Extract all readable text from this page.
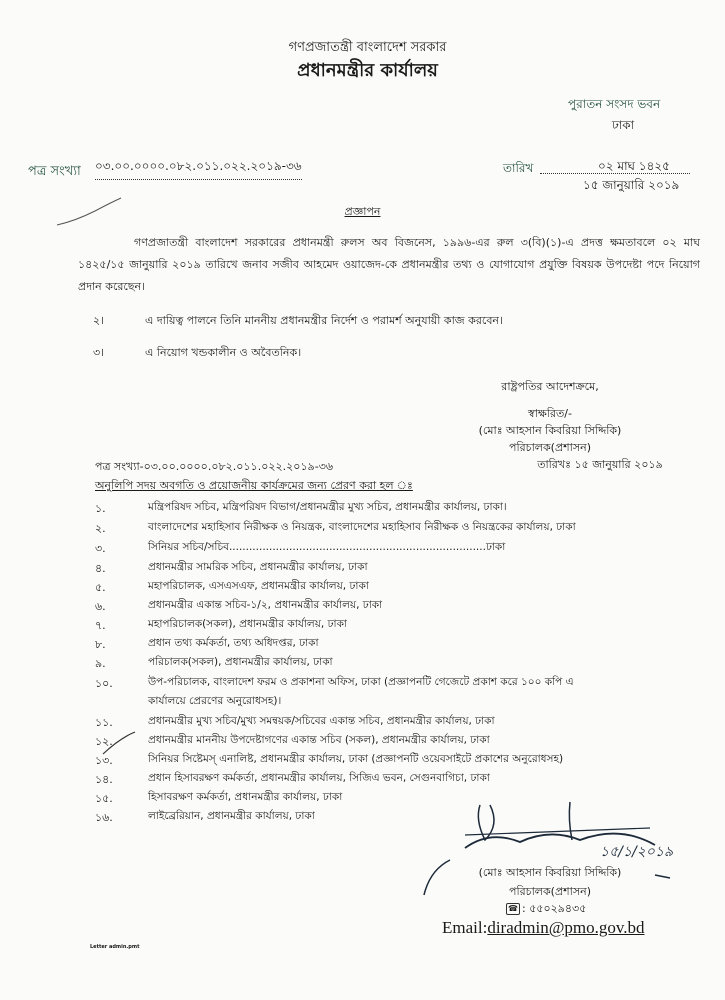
গণপ্রজাতন্ত্রী বাংলাদেশ সরকার
প্রধানমন্ত্রীর কার্যালয়
পুরাতন সংসদ ভবন
ঢাকা
পত্র সংখ্যা ০৩.০০.০০০০.০৮২.০১১.০২২.২০১৯-৩৬	তারিখ	০২ মাঘ ১৪২৫
১৫ জানুয়ারি ২০১৯
প্রজ্ঞাপন
গণপ্রজাতন্ত্রী বাংলাদেশ সরকারের প্রধানমন্ত্রী রুলস অব বিজনেস, ১৯৯৬-এর রুল ৩(বি)(১)-এ প্রদত্ত ক্ষমতাবলে ০২ মাঘ ১৪২৫/১৫ জানুয়ারি ২০১৯ তারিখে জনাব সজীব আহমেদ ওয়াজেদ-কে প্রধানমন্ত্রীর তথ্য ও যোগাযোগ প্রযুক্তি বিষয়ক উপদেষ্টা পদে নিয়োগ প্রদান করেছেন।
২।	এ দায়িত্ব পালনে তিনি মাননীয় প্রধানমন্ত্রীর নির্দেশ ও পরামর্শ অনুযায়ী কাজ করবেন।
৩।	এ নিয়োগ খন্ডকালীন ও অবৈতনিক।
রাষ্ট্রপতির আদেশক্রমে,
স্বাক্ষরিত/-
(মোঃ আহসান কিবরিয়া সিদ্দিকি)
পরিচালক(প্রশাসন)
তারিখঃ ১৫ জানুয়ারি ২০১৯
পত্র সংখ্যা-০৩.০০.০০০০.০৮২.০১১.০২২.২০১৯-৩৬
অনুলিপি সদয় অবগতি ও প্রয়োজনীয় কার্যক্রমের জন্য প্রেরণ করা হল ঃ
১.	মন্ত্রিপরিষদ সচিব, মন্ত্রিপরিষদ বিভাগ/প্রধানমন্ত্রীর মুখ্য সচিব, প্রধানমন্ত্রীর কার্যালয়, ঢাকা।
২.	বাংলাদেশের মহাহিসাব নিরীক্ষক ও নিয়ন্ত্রক, বাংলাদেশের মহাহিসাব নিরীক্ষক ও নিয়ন্ত্রকের কার্যালয়, ঢাকা
৩.	সিনিয়র সচিব/সচিব.............................................................................ঢাকা
৪.	প্রধানমন্ত্রীর সামরিক সচিব, প্রধানমন্ত্রীর কার্যালয়, ঢাকা
৫.	মহাপরিচালক, এসএসএফ, প্রধানমন্ত্রীর কার্যালয়, ঢাকা
৬.	প্রধানমন্ত্রীর একান্ত সচিব-১/২, প্রধানমন্ত্রীর কার্যালয়, ঢাকা
৭.	মহাপরিচালক(সকল), প্রধানমন্ত্রীর কার্যালয়, ঢাকা
৮.	প্রধান তথ্য কর্মকর্তা, তথ্য অধিদপ্তর, ঢাকা
৯.	পরিচালক(সকল), প্রধানমন্ত্রীর কার্যালয়, ঢাকা
১০.	উপ-পরিচালক, বাংলাদেশ ফরম ও প্রকাশনা অফিস, ঢাকা (প্রজ্ঞাপনটি গেজেটে প্রকাশ করে ১০০ কপি এ
কার্যালয়ে প্রেরণের অনুরোধসহ)।
১১.	প্রধানমন্ত্রীর মুখ্য সচিব/মুখ্য সমন্বয়ক/সচিবের একান্ত সচিব, প্রধানমন্ত্রীর কার্যালয়, ঢাকা
১২.	প্রধানমন্ত্রীর মাননীয় উপদেষ্টাগণের একান্ত সচিব (সকল), প্রধানমন্ত্রীর কার্যালয়, ঢাকা
১৩.	সিনিয়র সিষ্টেমস্ এনালিষ্ট, প্রধানমন্ত্রীর কার্যালয়, ঢাকা (প্রজ্ঞাপনটি ওয়েবসাইটে প্রকাশের অনুরোধসহ)
১৪.	প্রধান হিসাবরক্ষণ কর্মকর্তা, প্রধানমন্ত্রীর কার্যালয়, সিজিএ ভবন, সেগুনবাগিচা, ঢাকা
১৫.	হিসাবরক্ষণ কর্মকর্তা, প্রধানমন্ত্রীর কার্যালয়, ঢাকা
১৬.	লাইব্রেরিয়ান, প্রধানমন্ত্রীর কার্যালয়, ঢাকা
১৫/১/২০১৯
(মোঃ আহসান কিবরিয়া সিদ্দিকি)
পরিচালক(প্রশাসন)
☎ : ৫৫০২৯৪৩৫
Email:diradmin@pmo.gov.bd
Letter admin.pmt
